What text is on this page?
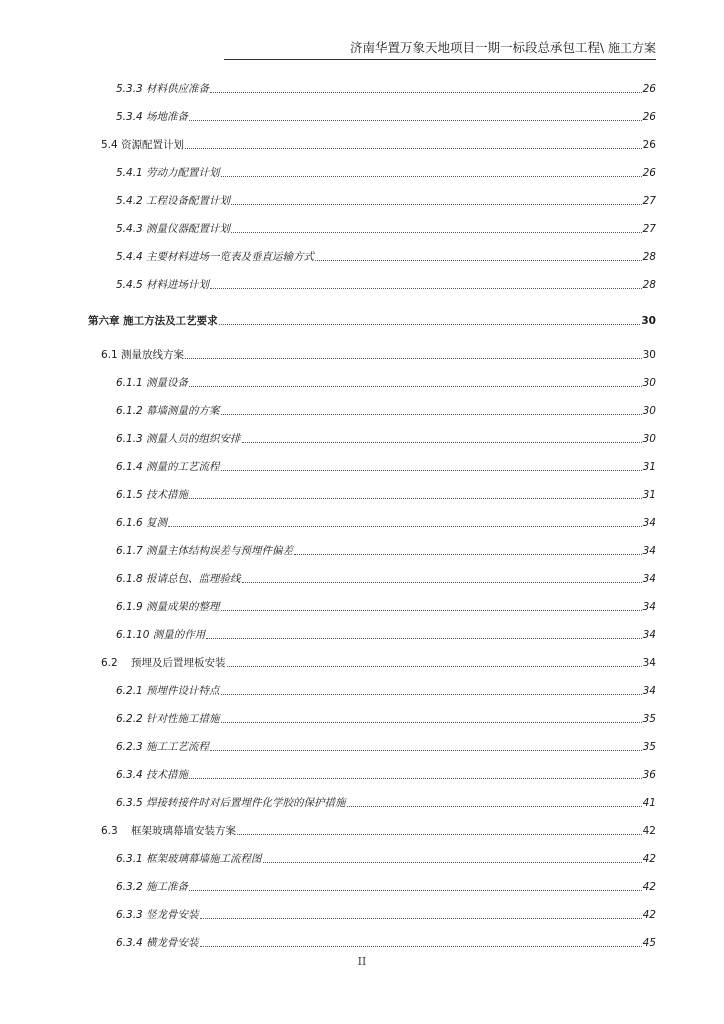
济南华置万象天地项目一期一标段总承包工程\ 施工方案
5.3.3 材料供应准备	26
5.3.4 场地准备	26
5.4 资源配置计划	26
5.4.1 劳动力配置计划	26
5.4.2 工程设备配置计划	27
5.4.3 测量仪器配置计划	27
5.4.4 主要材料进场一览表及垂直运输方式	28
5.4.5 材料进场计划	28
第六章 施工方法及工艺要求	30
6.1 测量放线方案	30
6.1.1 测量设备	30
6.1.2 幕墙测量的方案	30
6.1.3 测量人员的组织安排	30
6.1.4 测量的工艺流程	31
6.1.5 技术措施	31
6.1.6 复测	34
6.1.7 测量主体结构误差与预埋件偏差	34
6.1.8 报请总包、监理验线	34
6.1.9 测量成果的整理	34
6.1.10 测量的作用	34
6.2    预埋及后置埋板安装	34
6.2.1 预埋件设计特点	34
6.2.2 针对性施工措施	35
6.2.3 施工工艺流程	35
6.3.4 技术措施	36
6.3.5 焊接转接件时对后置埋件化学胶的保护措施	41
6.3    框架玻璃幕墙安装方案	42
6.3.1 框架玻璃幕墙施工流程图	42
6.3.2 施工准备	42
6.3.3 竖龙骨安装	42
6.3.4 横龙骨安装	45
II
